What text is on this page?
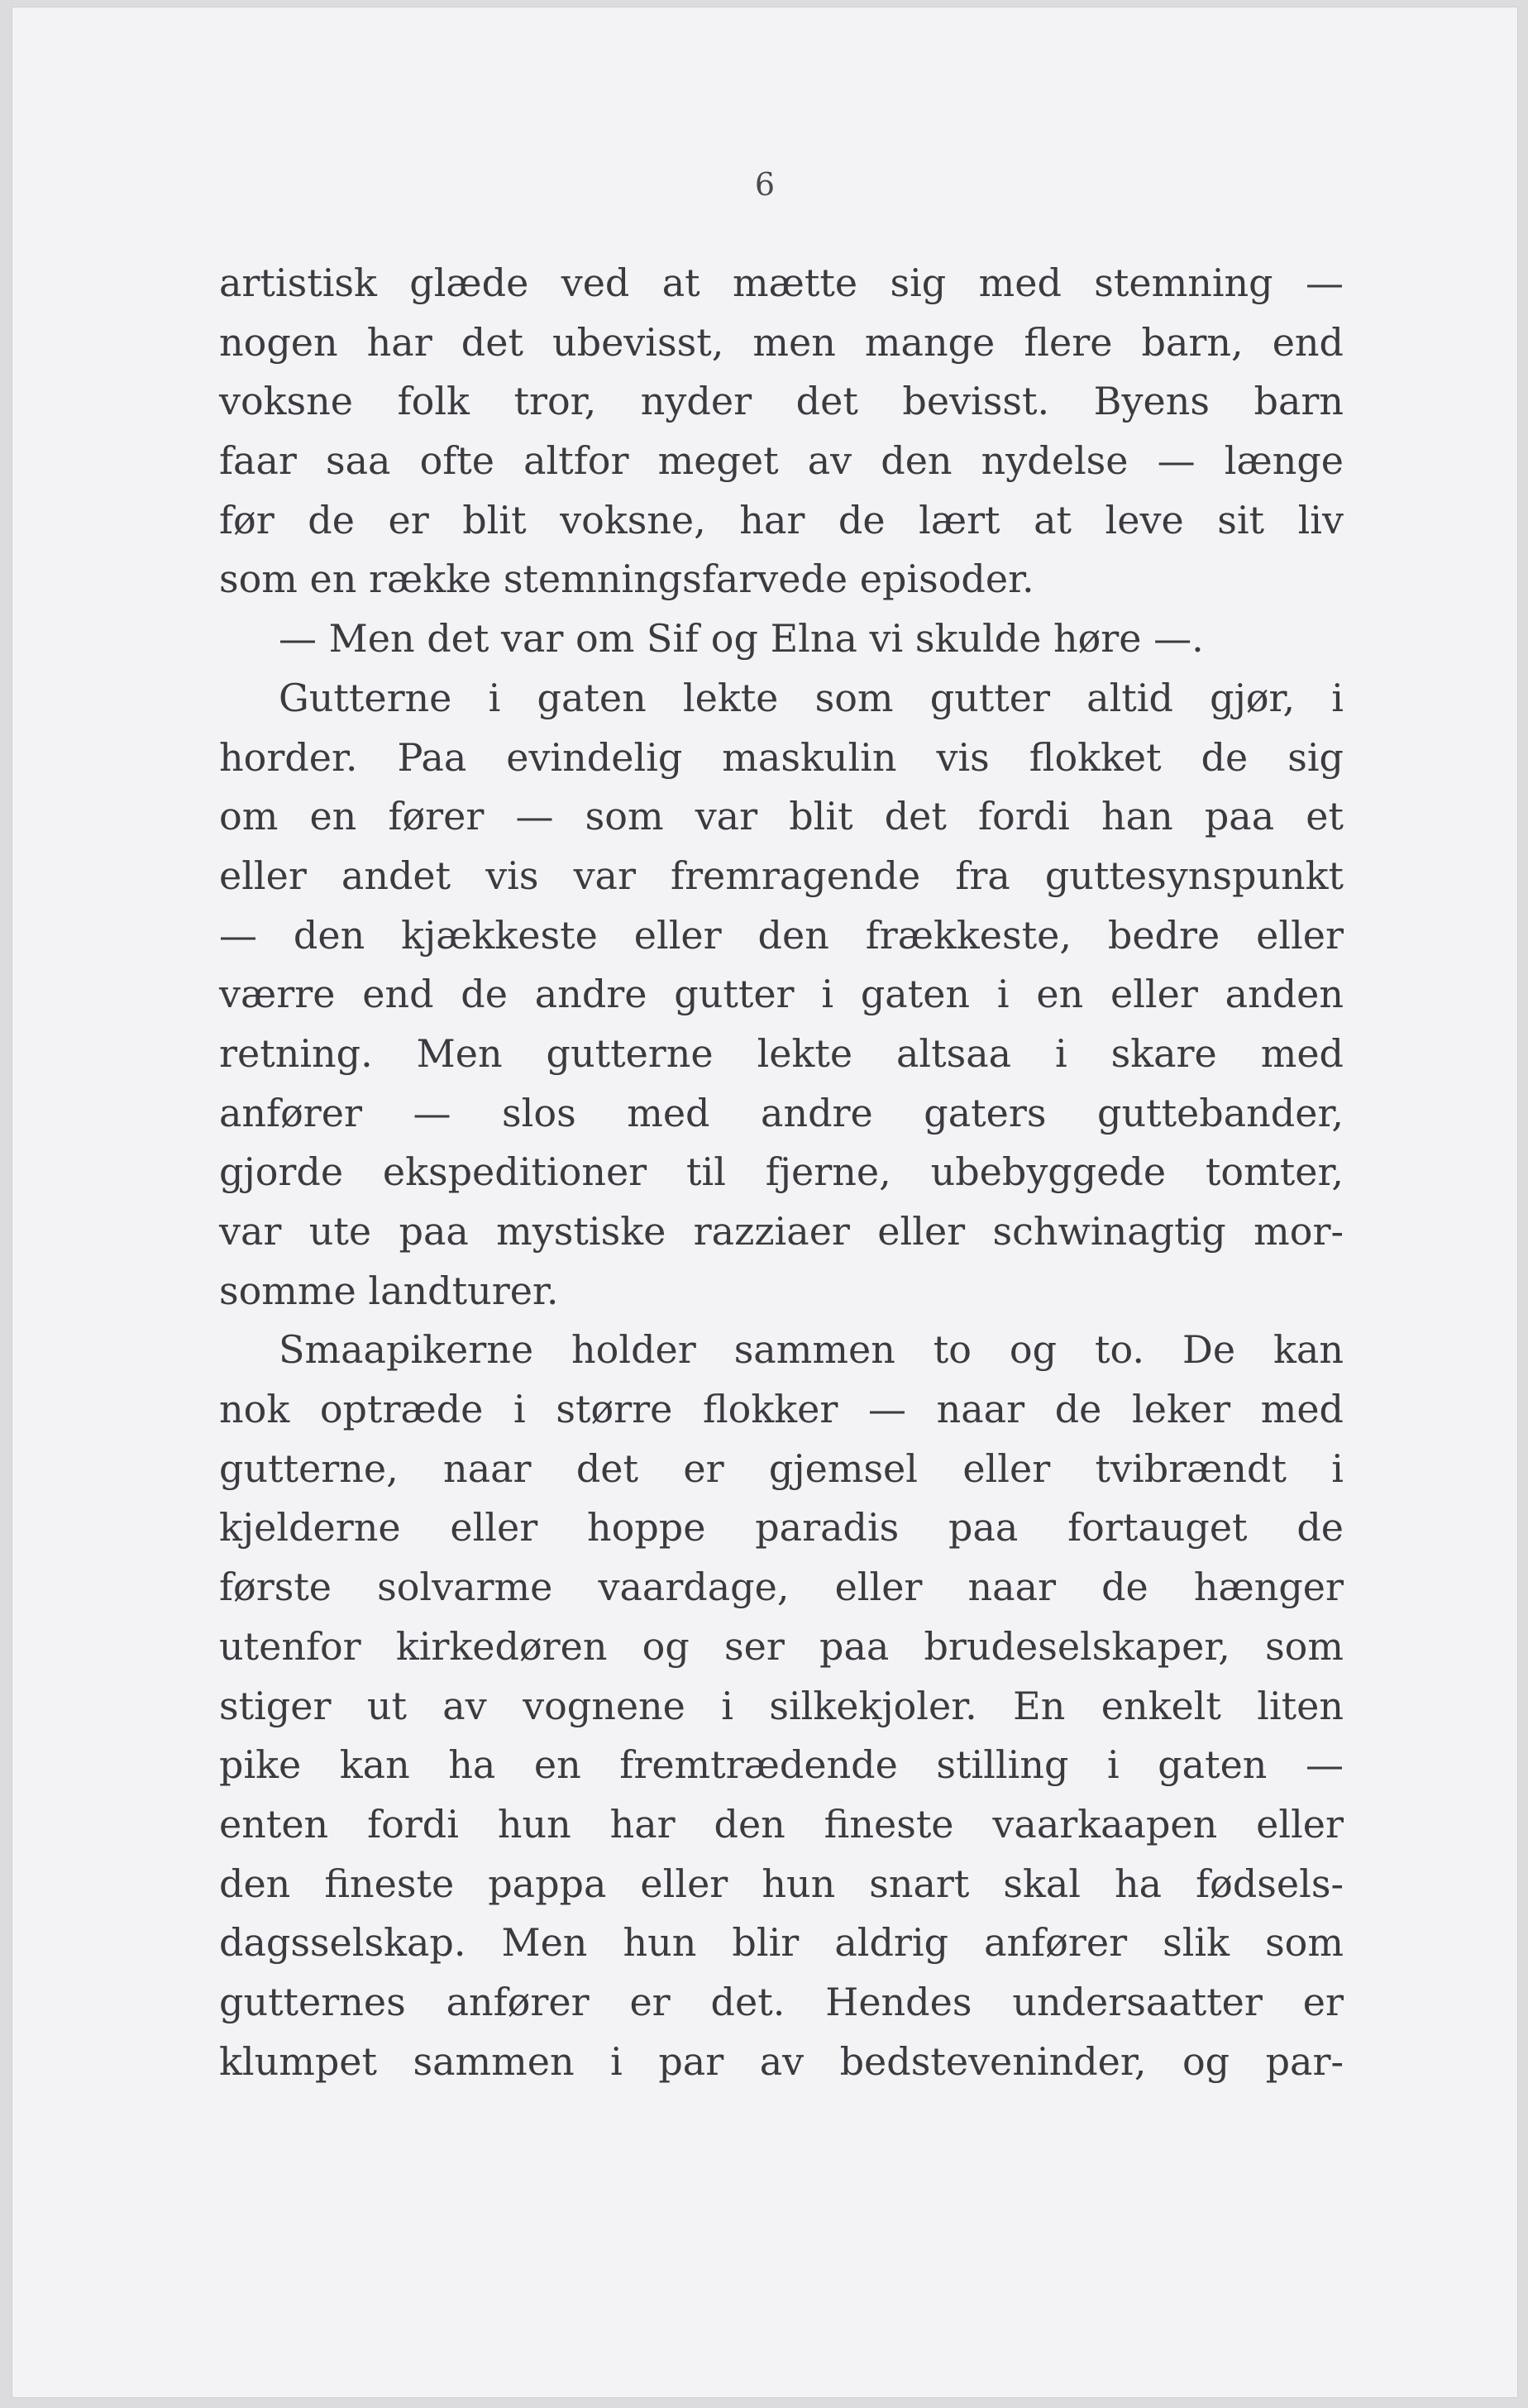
6

artistisk glæde ved at mætte sig med stemning —
nogen har det ubevisst, men mange flere barn, end
voksne folk tror, nyder det bevisst. Byens barn
faar saa ofte altfor meget av den nydelse — længe
før de er blit voksne, har de lært at leve sit liv
som en række stemningsfarvede episoder.
— Men det var om Sif og Elna vi skulde høre —.
Gutterne i gaten lekte som gutter altid gjør, i
horder. Paa evindelig maskulin vis flokket de sig
om en fører — som var blit det fordi han paa et
eller andet vis var fremragende fra guttesynspunkt
— den kjækkeste eller den frækkeste, bedre eller
værre end de andre gutter i gaten i en eller anden
retning. Men gutterne lekte altsaa i skare med
anfører — slos med andre gaters guttebander,
gjorde ekspeditioner til fjerne, ubebyggede tomter,
var ute paa mystiske razziaer eller schwinagtig mor-
somme landturer.
Smaapikerne holder sammen to og to. De kan
nok optræde i større flokker — naar de leker med
gutterne, naar det er gjemsel eller tvibrændt i
kjelderne eller hoppe paradis paa fortauget de
første solvarme vaardage, eller naar de hænger
utenfor kirkedøren og ser paa brudeselskaper, som
stiger ut av vognene i silkekjoler. En enkelt liten
pike kan ha en fremtrædende stilling i gaten —
enten fordi hun har den fineste vaarkaapen eller
den fineste pappa eller hun snart skal ha fødsels-
dagsselskap. Men hun blir aldrig anfører slik som
gutternes anfører er det. Hendes undersaatter er
klumpet sammen i par av bedsteveninder, og par-
